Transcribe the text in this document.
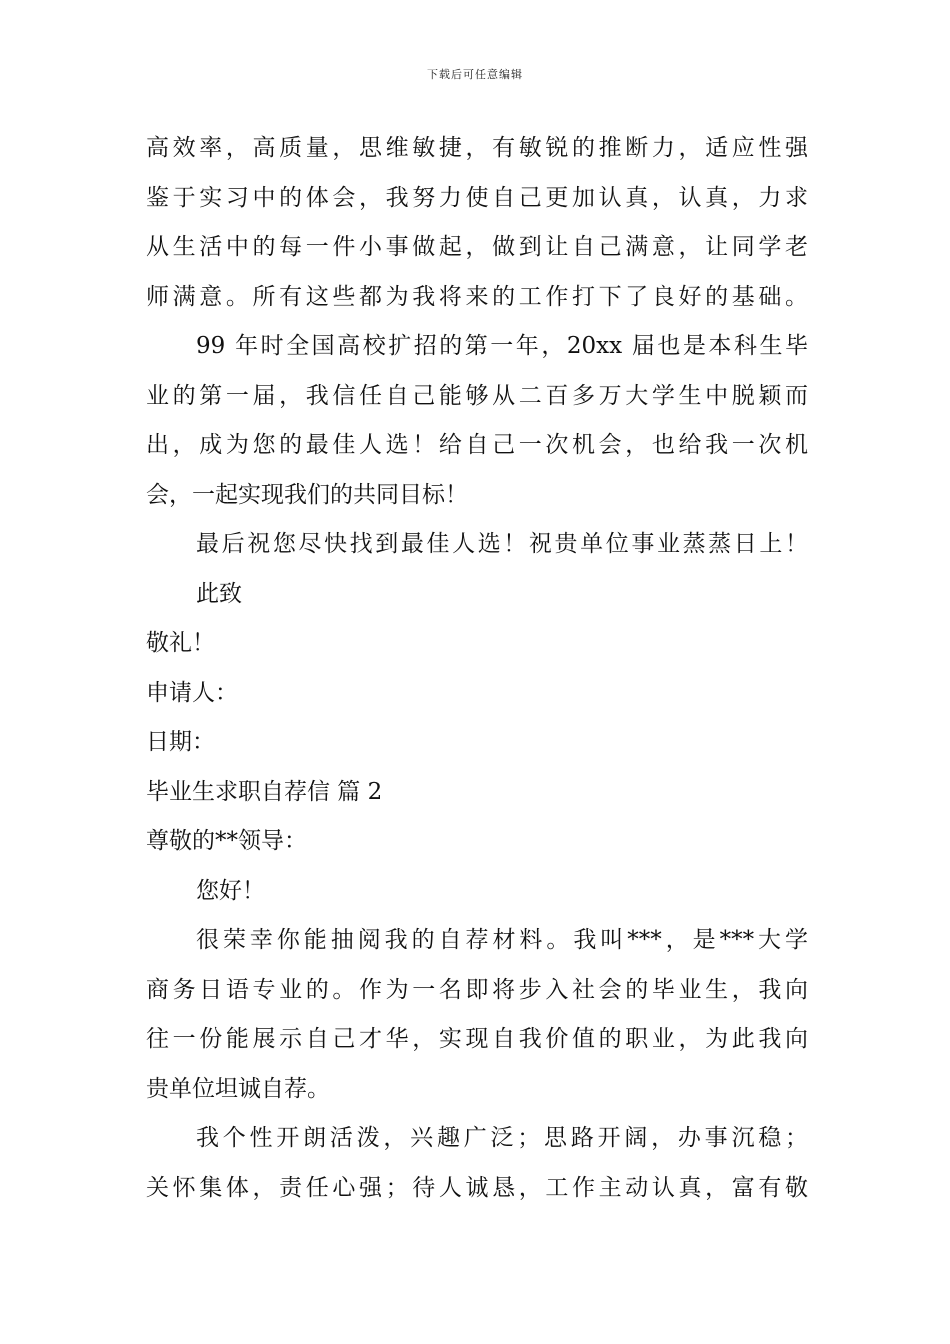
下载后可任意编辑
高效率，高质量，思维敏捷，有敏锐的推断力，适应性强
鉴于实习中的体会，我努力使自己更加认真，认真，力求
从生活中的每一件小事做起，做到让自己满意，让同学老
师满意。所有这些都为我将来的工作打下了良好的基础。
99 年时全国高校扩招的第一年，20xx 届也是本科生毕
业的第一届，我信任自己能够从二百多万大学生中脱颖而
出，成为您的最佳人选！给自己一次机会，也给我一次机
会，一起实现我们的共同目标！
最后祝您尽快找到最佳人选！祝贵单位事业蒸蒸日上！
此致
敬礼！
申请人：
日期：
毕业生求职自荐信 篇 2
尊敬的**领导：
您好！
很荣幸你能抽阅我的自荐材料。我叫***，是***大学
商务日语专业的。作为一名即将步入社会的毕业生，我向
往一份能展示自己才华，实现自我价值的职业，为此我向
贵单位坦诚自荐。
我个性开朗活泼，兴趣广泛；思路开阔，办事沉稳；
关怀集体，责任心强；待人诚恳，工作主动认真，富有敬
